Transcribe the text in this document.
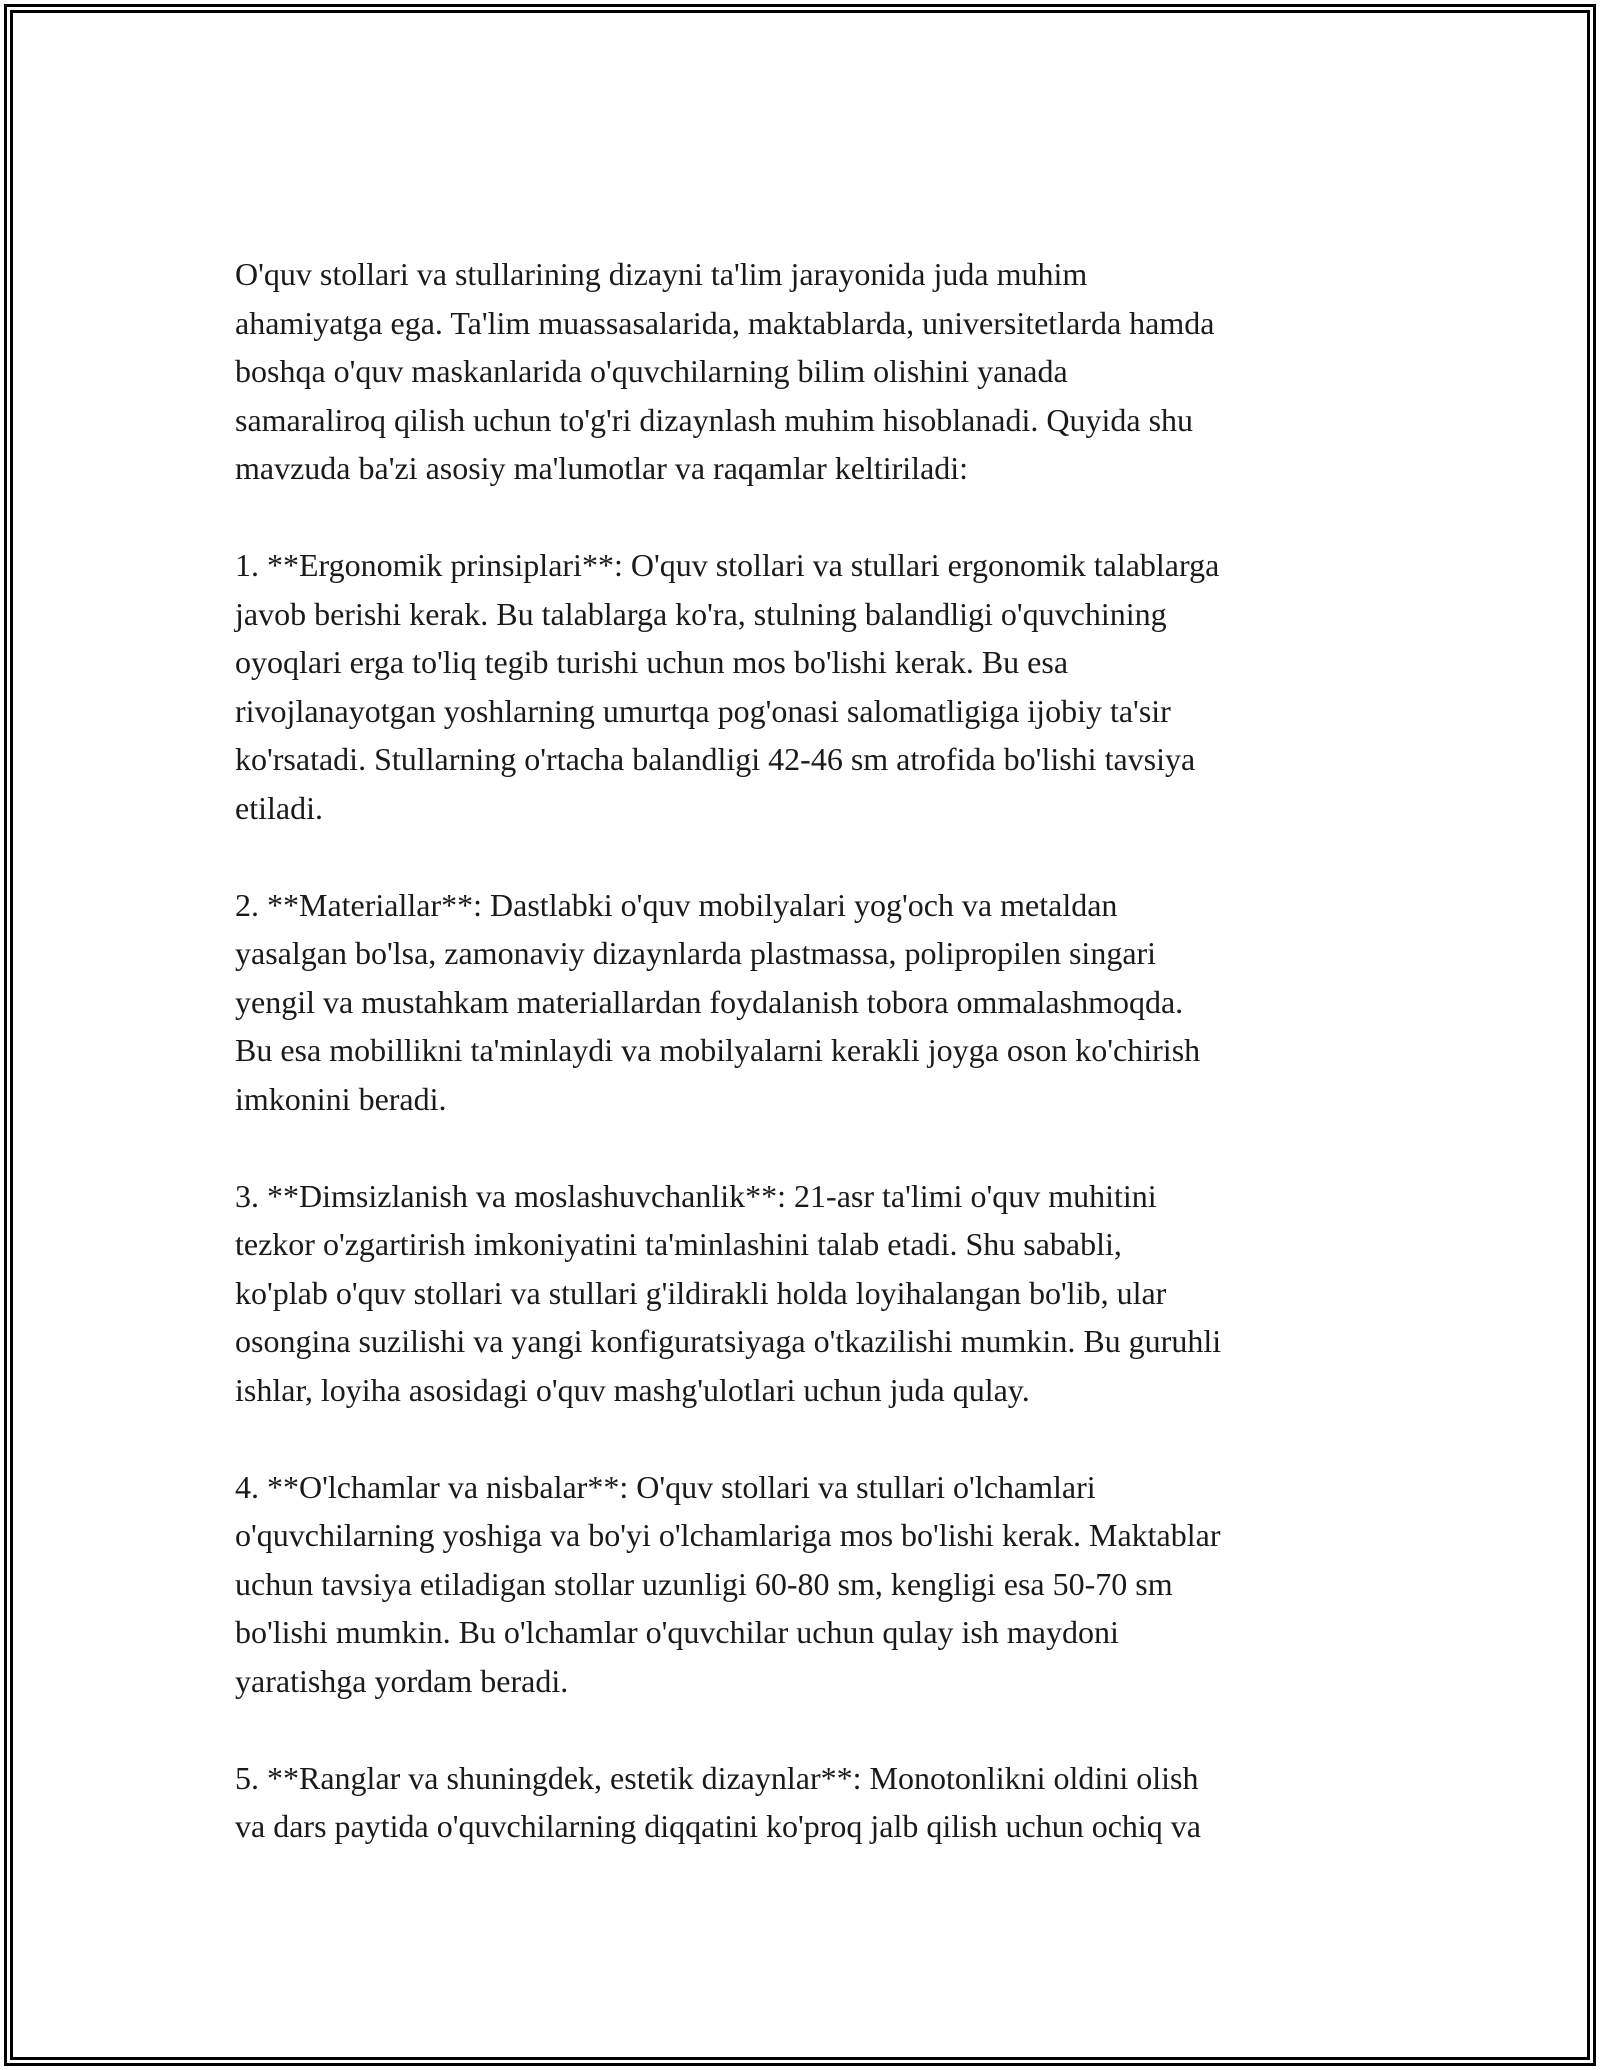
O'quv stollari va stullarining dizayni ta'lim jarayonida juda muhim
ahamiyatga ega. Ta'lim muassasalarida, maktablarda, universitetlarda hamda
boshqa o'quv maskanlarida o'quvchilarning bilim olishini yanada
samaraliroq qilish uchun to'g'ri dizaynlash muhim hisoblanadi. Quyida shu
mavzuda ba'zi asosiy ma'lumotlar va raqamlar keltiriladi:

1. **Ergonomik prinsiplari**: O'quv stollari va stullari ergonomik talablarga
javob berishi kerak. Bu talablarga ko'ra, stulning balandligi o'quvchining
oyoqlari erga to'liq tegib turishi uchun mos bo'lishi kerak. Bu esa
rivojlanayotgan yoshlarning umurtqa pog'onasi salomatligiga ijobiy ta'sir
ko'rsatadi. Stullarning o'rtacha balandligi 42-46 sm atrofida bo'lishi tavsiya
etiladi.

2. **Materiallar**: Dastlabki o'quv mobilyalari yog'och va metaldan
yasalgan bo'lsa, zamonaviy dizaynlarda plastmassa, polipropilen singari
yengil va mustahkam materiallardan foydalanish tobora ommalashmoqda.
Bu esa mobillikni ta'minlaydi va mobilyalarni kerakli joyga oson ko'chirish
imkonini beradi.

3. **Dimsizlanish va moslashuvchanlik**: 21-asr ta'limi o'quv muhitini
tezkor o'zgartirish imkoniyatini ta'minlashini talab etadi. Shu sababli,
ko'plab o'quv stollari va stullari g'ildirakli holda loyihalangan bo'lib, ular
osongina suzilishi va yangi konfiguratsiyaga o'tkazilishi mumkin. Bu guruhli
ishlar, loyiha asosidagi o'quv mashg'ulotlari uchun juda qulay.

4. **O'lchamlar va nisbalar**: O'quv stollari va stullari o'lchamlari
o'quvchilarning yoshiga va bo'yi o'lchamlariga mos bo'lishi kerak. Maktablar
uchun tavsiya etiladigan stollar uzunligi 60-80 sm, kengligi esa 50-70 sm
bo'lishi mumkin. Bu o'lchamlar o'quvchilar uchun qulay ish maydoni
yaratishga yordam beradi.

5. **Ranglar va shuningdek, estetik dizaynlar**: Monotonlikni oldini olish
va dars paytida o'quvchilarning diqqatini ko'proq jalb qilish uchun ochiq va
